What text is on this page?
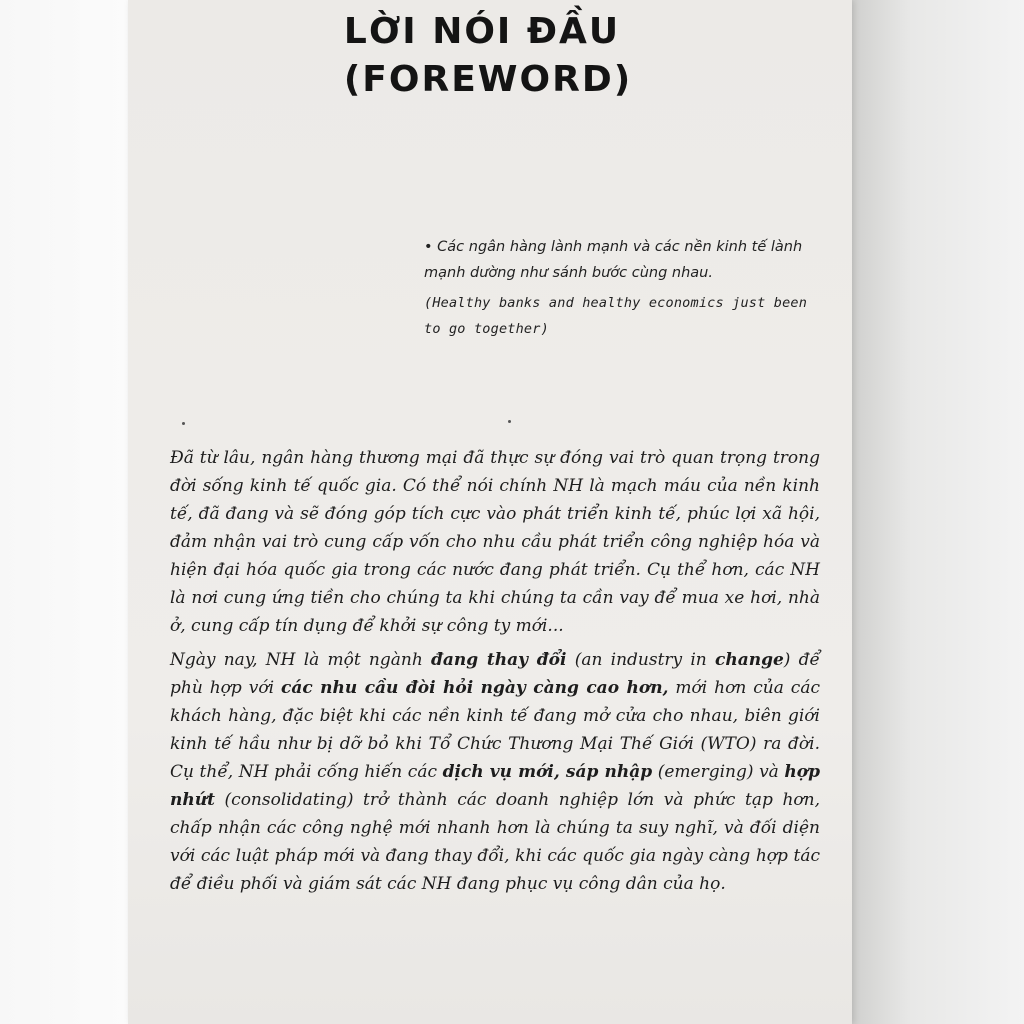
LỜI NÓI ĐẦU
(FOREWORD)

• Các ngân hàng lành mạnh và các nền kinh tế lành mạnh dường như sánh bước cùng nhau.

(Healthy banks and healthy economics just been to go together)

Đã từ lâu, ngân hàng thương mại đã thực sự đóng vai trò quan trọng trong đời sống kinh tế quốc gia. Có thể nói chính NH là mạch máu của nền kinh tế, đã đang và sẽ đóng góp tích cực vào phát triển kinh tế, phúc lợi xã hội, đảm nhận vai trò cung cấp vốn cho nhu cầu phát triển công nghiệp hóa và hiện đại hóa quốc gia trong các nước đang phát triển. Cụ thể hơn, các NH là nơi cung ứng tiền cho chúng ta khi chúng ta cần vay để mua xe hơi, nhà ở, cung cấp tín dụng để khởi sự công ty mới...

Ngày nay, NH là một ngành đang thay đổi (an industry in change) để phù hợp với các nhu cầu đòi hỏi ngày càng cao hơn, mới hơn của các khách hàng, đặc biệt khi các nền kinh tế đang mở cửa cho nhau, biên giới kinh tế hầu như bị dỡ bỏ khi Tổ Chức Thương Mại Thế Giới (WTO) ra đời. Cụ thể, NH phải cống hiến các dịch vụ mới, sáp nhập (emerging) và hợp nhứt (consolidating) trở thành các doanh nghiệp lớn và phức tạp hơn, chấp nhận các công nghệ mới nhanh hơn là chúng ta suy nghĩ, và đối diện với các luật pháp mới và đang thay đổi, khi các quốc gia ngày càng hợp tác để điều phối và giám sát các NH đang phục vụ công dân của họ.
